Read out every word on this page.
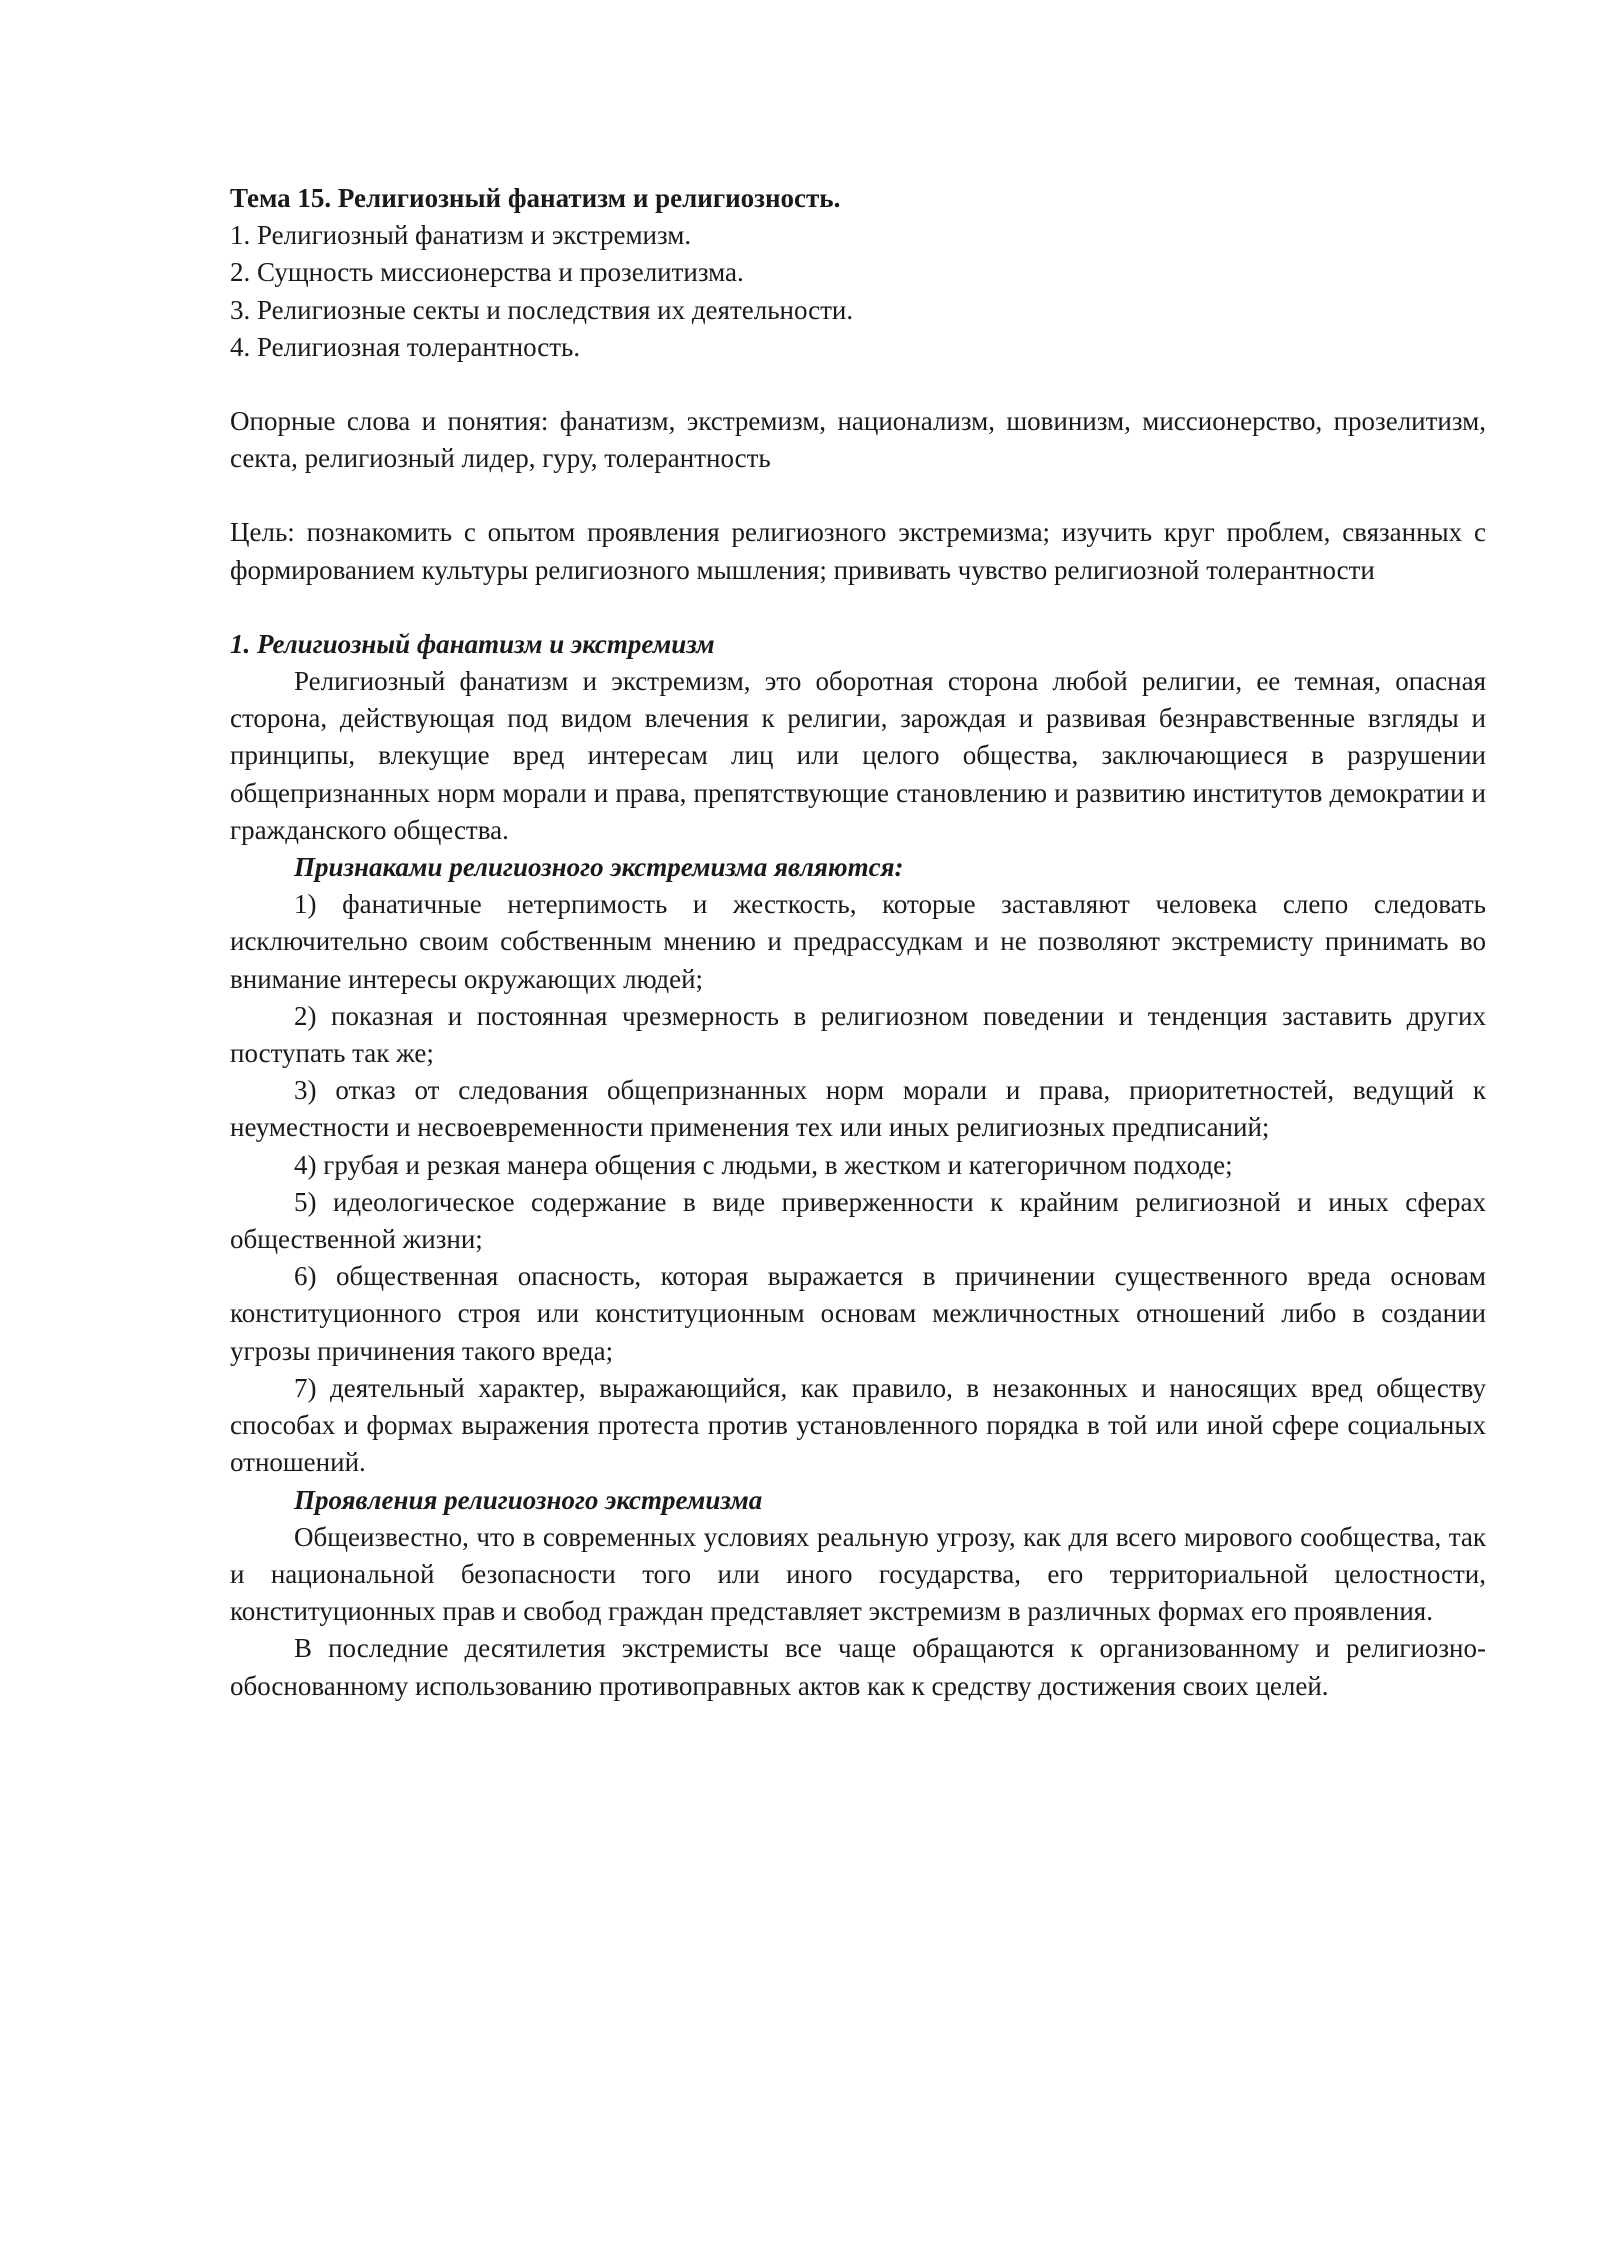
Тема 15. Религиозный фанатизм и религиозность.

1. Религиозный фанатизм и экстремизм.

2. Сущность миссионерства и прозелитизма.

3. Религиозные секты и последствия их деятельности.

4. Религиозная толерантность.

Опорные слова и понятия: фанатизм, экстремизм, национализм, шовинизм, миссионерство, прозелитизм, секта, религиозный лидер, гуру, толерантность

Цель: познакомить с опытом проявления религиозного экстремизма; изучить круг проблем, связанных с формированием культуры религиозного мышления; прививать чувство религиозной толерантности

1. Религиозный фанатизм и экстремизм

Религиозный фанатизм и экстремизм, это оборотная сторона любой религии, ее темная, опасная сторона, действующая под видом влечения к религии, зарождая и развивая безнравственные взгляды и принципы, влекущие вред интересам лиц или целого общества, заключающиеся в разрушении общепризнанных норм морали и права, препятствующие становлению и развитию институтов демократии и гражданского общества.

Признаками религиозного экстремизма являются:

1) фанатичные нетерпимость и жесткость, которые заставляют человека слепо следовать исключительно своим собственным мнению и предрассудкам и не позволяют экстремисту принимать во внимание интересы окружающих людей;

2) показная и постоянная чрезмерность в религиозном поведении и тенденция заставить других поступать так же;

3) отказ от следования общепризнанных норм морали и права, приоритетностей, ведущий к неуместности и несвоевременности применения тех или иных религиозных предписаний;

4) грубая и резкая манера общения с людьми, в жестком и категоричном подходе;

5) идеологическое содержание в виде приверженности к крайним религиозной и иных сферах общественной жизни;

6) общественная опасность, которая выражается в причинении существенного вреда основам конституционного строя или конституционным основам межличностных отношений либо в создании угрозы причинения такого вреда;

7) деятельный характер, выражающийся, как правило, в незаконных и наносящих вред обществу способах и формах выражения протеста против установленного порядка в той или иной сфере социальных отношений.

Проявления религиозного экстремизма

Общеизвестно, что в современных условиях реальную угрозу, как для всего мирового сообщества, так и национальной безопасности того или иного государства, его территориальной целостности, конституционных прав и свобод граждан представляет экстремизм в различных формах его проявления.

В последние десятилетия экстремисты все чаще обращаются к организованному и религиозно-обоснованному использованию противоправных актов как к средству достижения своих целей.
